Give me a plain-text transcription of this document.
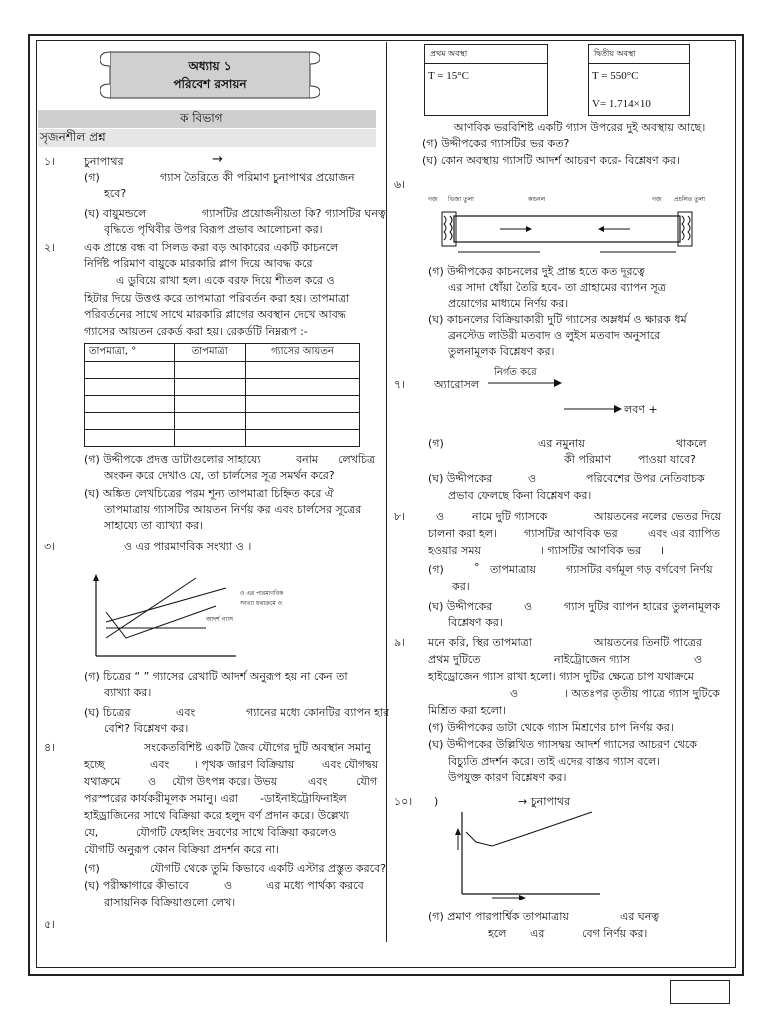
অধ্যায় ১
পরিবেশ রসায়ন
ক বিভাগ
সৃজনশীল প্রশ্ন
১।	চুনাপাথর	→
(গ)	গ্যাস তৈরিতে কী পরিমাণ চুনাপাথর প্রয়োজন
হবে?
(ঘ) বায়ুমন্ডলে	গ্যাসটির প্রয়োজনীয়তা কি? গ্যাসটির ঘনত্ব
বৃদ্ধিতে পৃথিবীর উপর বিরূপ প্রভাব আলোচনা কর।
২।	এক প্রান্তে বন্ধ বা সিলড করা বড় আকারের একটি কাচনলে
নির্দিষ্ট পরিমাণ বায়ুকে মারকারি প্লাগ দিয়ে আবদ্ধ করে
এ ডুবিয়ে রাখা হল। একে বরফ দিয়ে শীতল করে ও
হিটার দিয়ে উত্তপ্ত করে তাপমাত্রা পরিবর্তন করা হয়। তাপমাত্রা
পরিবর্তনের সাথে সাথে মারকারি প্লাগের অবস্থান দেখে আবদ্ধ
গ্যাসের আয়তন রেকর্ড করা হয়। রেকর্ডটি নিম্নরূপ :-
তাপমাত্রা, °	তাপমাত্রা	গ্যাসের আয়তন

(গ) উদ্দীপকে প্রদত্ত ডাটাগুলোর সাহায্যে	বনাম লেখচিত্র
অংকন করে দেখাও যে, তা চার্লসের সূত্র সমর্থন করে?
(ঘ) অঙ্কিত লেখচিত্রের পরম শূন্য তাপমাত্রা চিহ্নিত করে ঐ
তাপমাত্রায় গ্যাসটির আয়তন নির্ণয় কর এবং চার্লসের সূত্রের
সাহায্যে তা ব্যাখ্যা কর।
৩।	ও এর পারমাণবিক সংখ্যা ও ।
ও এর পারমাণবিক
সংখ্যা যথাক্রমে ও
আদর্শ গ্যাস
(গ) চিত্রের “ ” গ্যাসের রেখাটি আদর্শ অনুরূপ হয় না কেন তা
ব্যাখ্যা কর।
(ঘ) চিত্রের	এবং	গ্যানের মধ্যে কোনটির ব্যাপন হার
বেশি? বিশ্লেষণ কর।
৪।	সংকেতবিশিষ্ট একটি জৈব যৌগের দুটি অবস্থান সমানু
হচ্ছে	এবং । পৃথক জারণ বিক্রিয়ায়	এবং যৌগদ্বয়
যথাক্রমে	ও যৌগ উৎপন্ন করে। উভয়	এবং	যৌগ
পরস্পরের কার্যকরীমূলক সমানু। এরা -ডাইনাইট্রোফিনাইল
হাইড্রাজিনের সাথে বিক্রিয়া করে হলুদ বর্ণ প্রদান করে। উল্লেখ্য
যে,	যৌগটি ফেহলিং দ্রবণের সাথে বিক্রিয়া করলেও
যৌগটি অনুরূপ কোন বিক্রিয়া প্রদর্শন করে না।
(গ)	যৌগটি থেকে তুমি কিভাবে একটি এস্টার প্রস্তুত করবে?
(ঘ) পরীক্ষাগারে কীভাবে	ও	এর মধ্যে পার্থক্য করবে
রাসায়নিক বিক্রিয়াগুলো লেখ।
৫।
প্রথম অবস্থা
T = 15°C
দ্বিতীয় অবস্থা
T = 550°C
V= 1.714×10
আণবিক ভরবিশিষ্ট একটি গ্যাস উপরের দুই অবস্থায় আছে।
(গ) উদ্দীপকের গ্যাসটির ভর কত?
(ঘ) কোন অবস্থায় গ্যাসটি আদর্শ আচরণ করে- বিশ্লেষণ কর।
৬।
গজ ভিজা তুলা	কাচনল	গজ প্রচলিত তুলা
(গ) উদ্দীপকের কাচনলের দুই প্রান্ত হতে কত দূরত্বে
এর সাদা ধোঁয়া তৈরি হবে- তা গ্রাহামের ব্যাপন সূত্র
প্রয়োগের মাধ্যমে নির্ণয় কর।
(ঘ) কাচনলের বিক্রিয়াকারী দুটি গ্যাসের অম্লধর্ম ও ক্ষারক ধর্ম
ব্রনস্টেড লাউরী মতবাদ ও লুইস মতবাদ অনুসারে
তুলনামূলক বিশ্লেষণ কর।
৭।	অ্যারোসল
নির্গত করে
লবণ +
(গ)	এর নমুনায়	থাকলে
কী পরিমাণ পাওয়া যাবে?
(ঘ) উদ্দীপকের	ও	পরিবেশের উপর নেতিবাচক
প্রভাব ফেলছে কিনা বিশ্লেষণ কর।
৮।	ও	নামে দুটি গ্যাসকে	আয়তনের নলের ভেতর দিয়ে
চালনা করা হল। গ্যাসটির আণবিক ভর	এবং এর ব্যাপিত
হওয়ার সময়	। গ্যাসটির আণবিক ভর ।
(গ)	° তাপমাত্রায়	গ্যাসটির বর্গমূল গড় বর্গবেগ নির্ণয়
কর।
(ঘ) উদ্দীপকের	ও	গ্যাস দুটির ব্যাপন হারের তুলনামূলক
বিশ্লেষণ কর।
৯। মনে করি, স্থির তাপমাত্রা	আয়তনের তিনটি পাত্রের
প্রথম দুটিতে	নাইট্রোজেন গ্যাস	ও
হাইড্রোজেন গ্যাস রাখা হলো। গ্যাস দুটির ক্ষেত্রে চাপ যথাক্রমে
ও	। অতঃপর তৃতীয় পাত্রে গ্যাস দুটিকে
মিশ্রিত করা হলো।
(গ) উদ্দীপকের ডাটা থেকে গ্যাস মিশ্রণের চাপ নির্ণয় কর।
(ঘ) উদ্দীপকের উল্লিখিত গ্যাসদ্বয় আদর্শ গ্যাসের আচরণ থেকে
বিচ্যুতি প্রদর্শন করে। তাই এদের বাস্তব গ্যাস বলে।
উপযুক্ত কারণ বিশ্লেষণ কর।
১০। )	→ চুনাপাথর
(গ) প্রমাণ পারপার্শ্বিক তাপমাত্রায়	এর ঘনত্ব
হলে এর	বেগ নির্ণয় কর।
